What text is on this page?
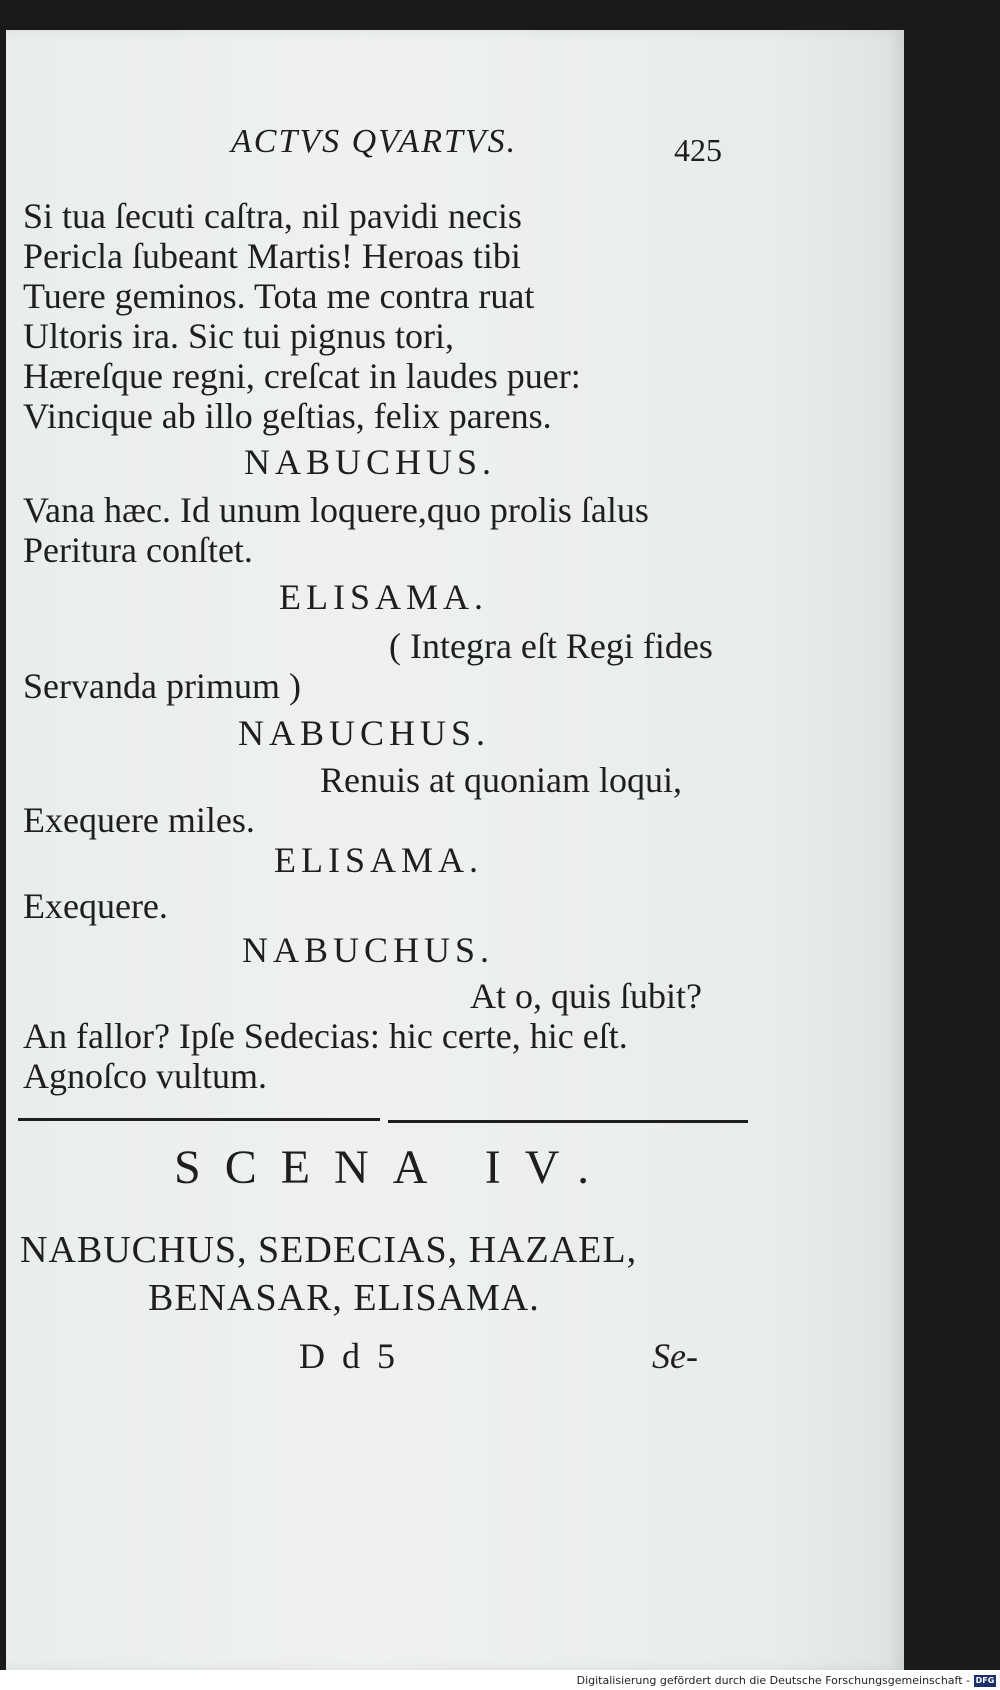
ACTVS QVARTVS.	425
Si tua ſecuti caſtra, nil pavidi necis
Pericla ſubeant Martis! Heroas tibi
Tuere geminos. Tota me contra ruat
Ultoris ira. Sic tui pignus tori,
Hæreſque regni, creſcat in laudes puer:
Vincique ab illo geſtias, felix parens.
NABUCHUS.
Vana hæc. Id unum loquere,quo prolis ſalus
Peritura conſtet.
ELISAMA.
( Integra eſt Regi fides
Servanda primum )
NABUCHUS.
Renuis at quoniam loqui,
Exequere miles.
ELISAMA.
Exequere.
NABUCHUS.
At o, quis ſubit?
An fallor? Ipſe Sedecias: hic certe, hic eſt.
Agnoſco vultum.
SCENA IV.
NABUCHUS, SEDECIAS, HAZAEL,
BENASAR, ELISAMA.
D d 5	Se-
Digitalisierung gefördert durch die Deutsche Forschungsgemeinschaft - DFG
